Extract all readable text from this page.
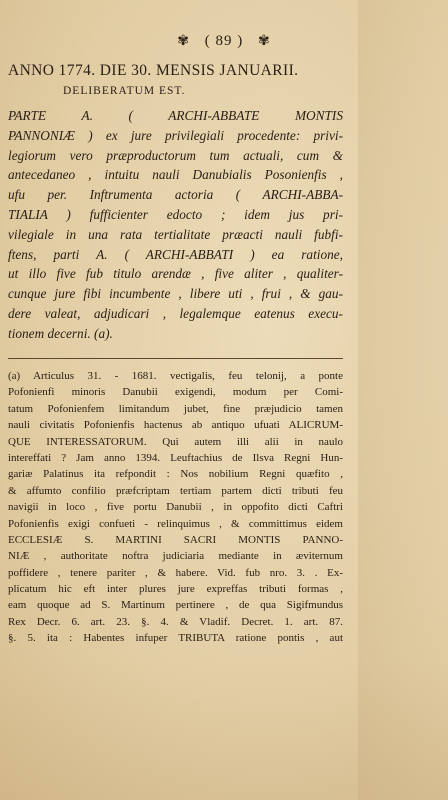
✾ ( 89 ) ✾
ANNO 1774. DIE 30. MENSIS JANUARII.
DELIBERATUM EST.
PARTE A. ( ARCHI-ABBATE MONTIS
PANNONIÆ ) ex jure privilegiali procedente: privi-
legiorum vero præproductorum tum actuali, cum &
antecedaneo , intuitu nauli Danubialis Posonienfis ,
ufu per. Inftrumenta actoria ( ARCHI-ABBA-
TIALIA ) fufficienter edocto ; idem jus pri-
vilegiale in una rata tertialitate præacti nauli fubfi-
ftens, parti A. ( ARCHI-ABBATI ) ea ratione,
ut illo five fub titulo arendæ , five aliter , qualiter-
cunque jure fibi incumbente , libere uti , frui , & gau-
dere valeat, adjudicari , legalemque eatenus execu-
tionem decerni. (a).
(a) Articulus 31. - 1681. vectigalis, feu telonij, a ponte
Pofonienfi minoris Danubii exigendi, modum per Comi-
tatum Pofonienfem limitandum jubet, fine præjudicio tamen
nauli civitatis Pofonienfis hactenus ab antiquo ufuati ALICRUM-
QUE INTERESSATORUM. Qui autem illi alii in naulo
intereffati ? Jam anno 1394. Leuftachius de Ilsva Regni Hun-
gariæ Palatinus ita refpondit : Nos nobilium Regni quæfito ,
& affumto confilio præfcriptam tertiam partem dicti tributi feu
navigii in loco , five portu Danubii , in oppofito dicti Caftri
Pofonienfis exigi confueti - relinquimus , & committimus eidem
ECCLESIÆ S. MARTINI SACRI MONTIS PANNO-
NIÆ , authoritate noftra judiciaria mediante in æviternum
poffidere , tenere pariter , & habere. Vid. fub nro. 3. . Ex-
plicatum hic eft inter plures jure expreffas tributi formas ,
eam quoque ad S. Martinum pertinere , de qua Sigifmundus
Rex Decr. 6. art. 23. §. 4. & Vladif. Decret. 1. art. 87.
§. 5. ita : Habentes infuper TRIBUTA ratione pontis , aut
